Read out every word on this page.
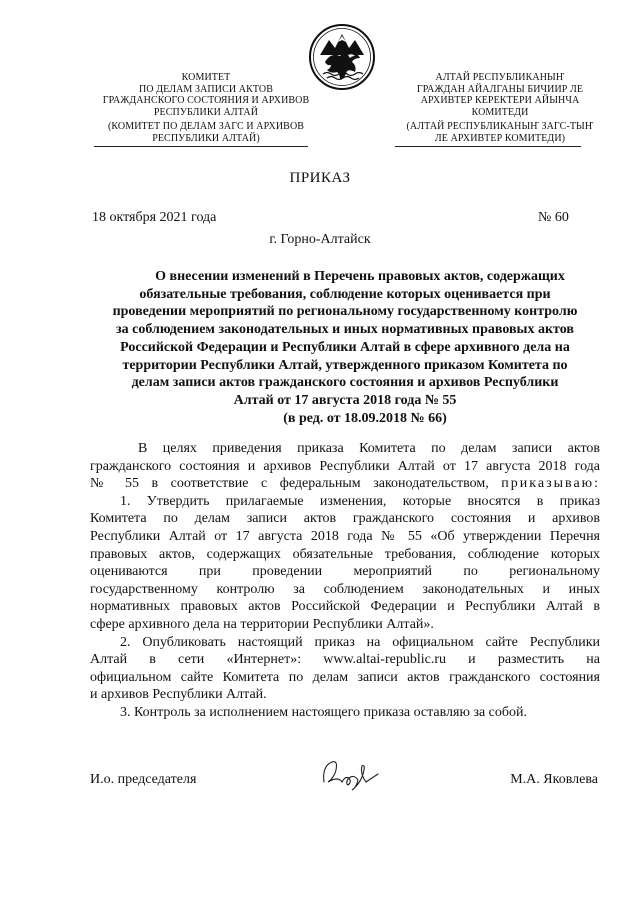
КОМИТЕТ
ПО ДЕЛАМ ЗАПИСИ АКТОВ
ГРАЖДАНСКОГО СОСТОЯНИЯ И АРХИВОВ
РЕСПУБЛИКИ АЛТАЙ
(КОМИТЕТ ПО ДЕЛАМ ЗАГС И АРХИВОВ
РЕСПУБЛИКИ АЛТАЙ)
АЛТАЙ РЕСПУБЛИКАНЫҤ
ГРАЖДАН АЙАЛГАНЫ БИЧИИР ЛЕ
АРХИВТЕР КЕРЕКТЕРИ АЙЫНЧА
КОМИТЕДИ
(АЛТАЙ РЕСПУБЛИКАНЫҤ ЗАГС-ТЫҤ
ЛЕ АРХИВТЕР КОМИТЕДИ)
ПРИКАЗ
18 октября 2021 года	№ 60
г. Горно-Алтайск
О внесении изменений в Перечень правовых актов, содержащих
обязательные требования, соблюдение которых оценивается при
проведении мероприятий по региональному государственному контролю
за соблюдением законодательных и иных нормативных правовых актов
Российской Федерации и Республики Алтай в сфере архивного дела на
территории Республики Алтай, утвержденного приказом Комитета по
делам записи актов гражданского состояния и архивов Республики
Алтай от 17 августа 2018 года № 55
(в ред. от 18.09.2018 № 66)

В целях приведения приказа Комитета по делам записи актов
гражданского состояния и архивов Республики Алтай от 17 августа 2018 года
№ 55 в соответствие с федеральным законодательством, приказываю:

1. Утвердить прилагаемые изменения, которые вносятся в приказ
Комитета по делам записи актов гражданского состояния и архивов
Республики Алтай от 17 августа 2018 года № 55 «Об утверждении Перечня
правовых актов, содержащих обязательные требования, соблюдение которых
оцениваются при проведении мероприятий по региональному
государственному контролю за соблюдением законодательных и иных
нормативных правовых актов Российской Федерации и Республики Алтай в
сфере архивного дела на территории Республики Алтай».

2. Опубликовать настоящий приказ на официальном сайте Республики
Алтай в сети «Интернет»: www.altai-republic.ru и разместить на
официальном сайте Комитета по делам записи актов гражданского состояния
и архивов Республики Алтай.

3. Контроль за исполнением настоящего приказа оставляю за собой.

И.о. председателя	М.А. Яковлева
